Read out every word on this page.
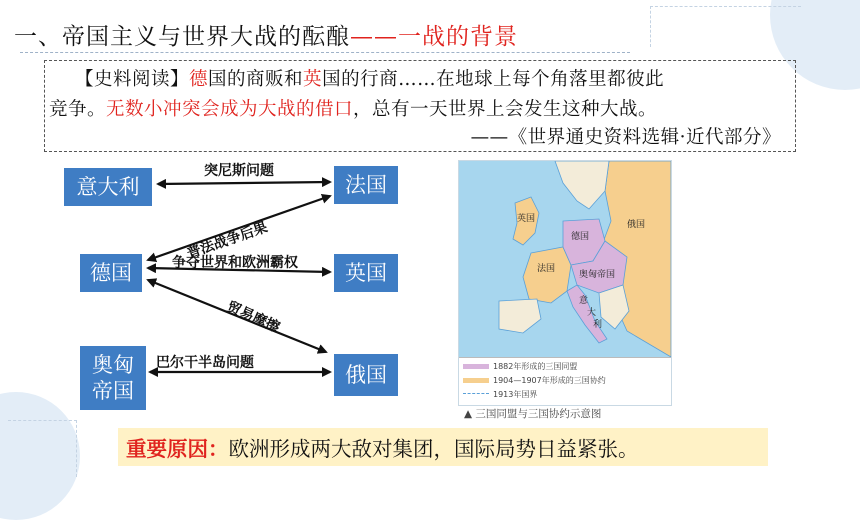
一、帝国主义与世界大战的酝酿——一战的背景
【史料阅读】德国的商贩和英国的行商……在地球上每个角落里都彼此
竞争。无数小冲突会成为大战的借口，总有一天世界上会发生这种大战。
——《世界通史资料选辑·近代部分》
意大利	法国
德国	英国
奥匈帝国
俄国
突尼斯问题
普法战争后果
争夺世界和欧洲霸权
贸易摩擦
巴尔干半岛问题
英国
德国
俄国
奥匈帝国
法国
意
大
利
1882年形成的三国同盟
1904—1907年形成的三国协约
1913年国界
▲ 三国同盟与三国协约示意图
重要原因： 欧洲形成两大敌对集团，国际局势日益紧张。
